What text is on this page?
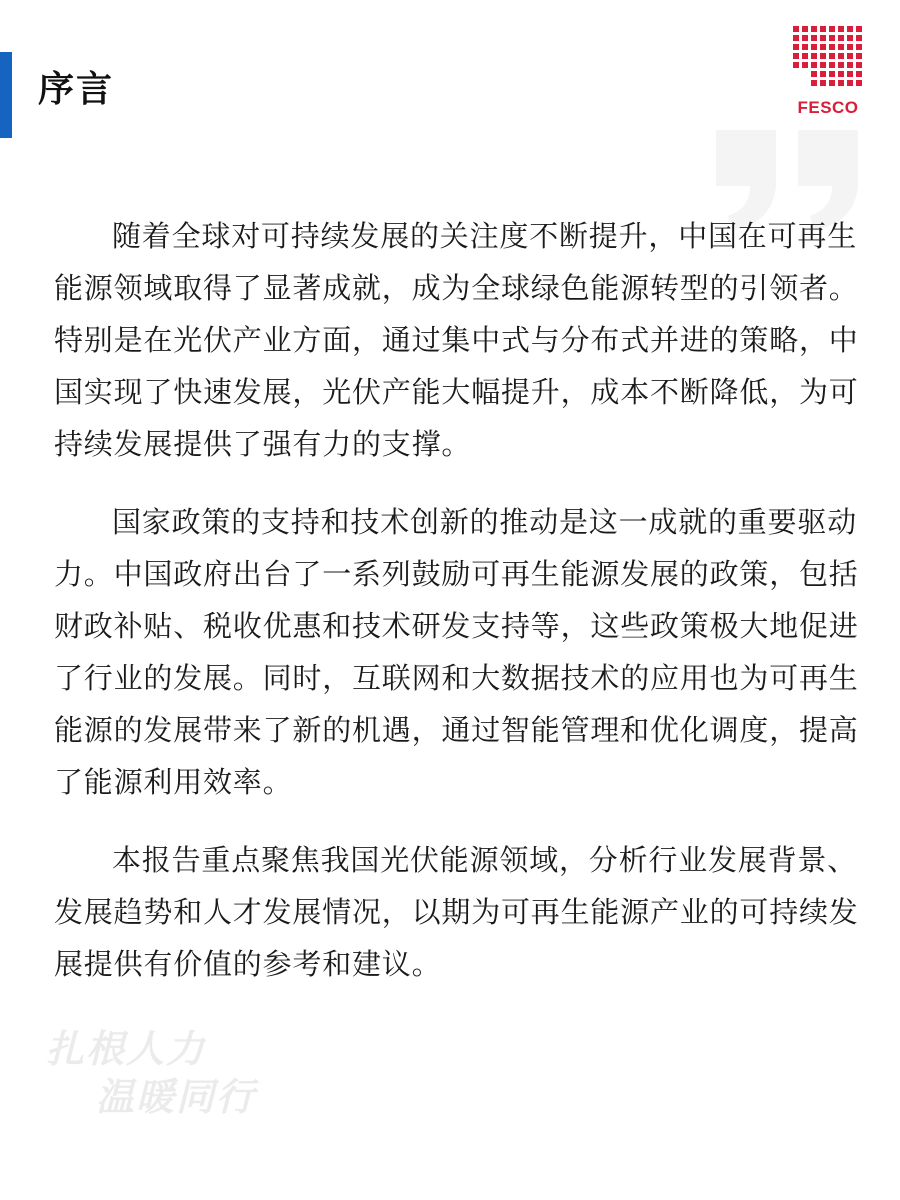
序言	FESCO

随着全球对可持续发展的关注度不断提升，中国在可再生能源领域取得了显著成就，成为全球绿色能源转型的引领者。特别是在光伏产业方面，通过集中式与分布式并进的策略，中国实现了快速发展，光伏产能大幅提升，成本不断降低，为可持续发展提供了强有力的支撑。

国家政策的支持和技术创新的推动是这一成就的重要驱动力。中国政府出台了一系列鼓励可再生能源发展的政策，包括财政补贴、税收优惠和技术研发支持等，这些政策极大地促进了行业的发展。同时，互联网和大数据技术的应用也为可再生能源的发展带来了新的机遇，通过智能管理和优化调度，提高了能源利用效率。

本报告重点聚焦我国光伏能源领域，分析行业发展背景、发展趋势和人才发展情况，以期为可再生能源产业的可持续发展提供有价值的参考和建议。

扎根人力
温暖同行
